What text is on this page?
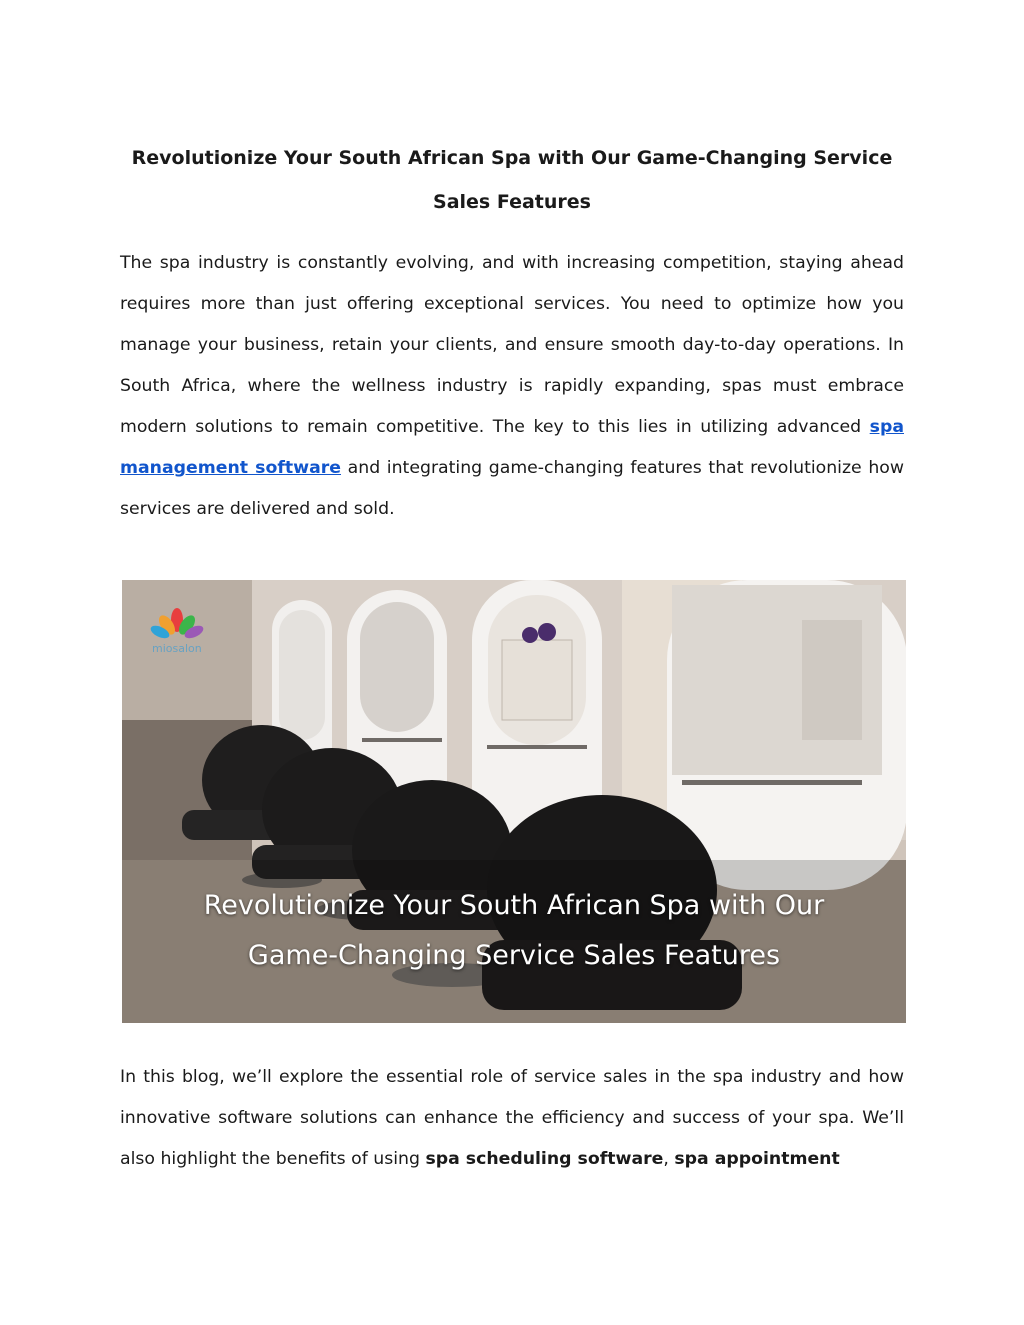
Revolutionize Your South African Spa with Our Game-Changing Service Sales Features

The spa industry is constantly evolving, and with increasing competition, staying ahead requires more than just offering exceptional services. You need to optimize how you manage your business, retain your clients, and ensure smooth day-to-day operations. In South Africa, where the wellness industry is rapidly expanding, spas must embrace modern solutions to remain competitive. The key to this lies in utilizing advanced spa management software and integrating game-changing features that revolutionize how services are delivered and sold.

miosalon

Revolutionize Your South African Spa with Our

Game-Changing Service Sales Features

In this blog, we’ll explore the essential role of service sales in the spa industry and how innovative software solutions can enhance the efficiency and success of your spa. We’ll also highlight the benefits of using spa scheduling software, spa appointment
